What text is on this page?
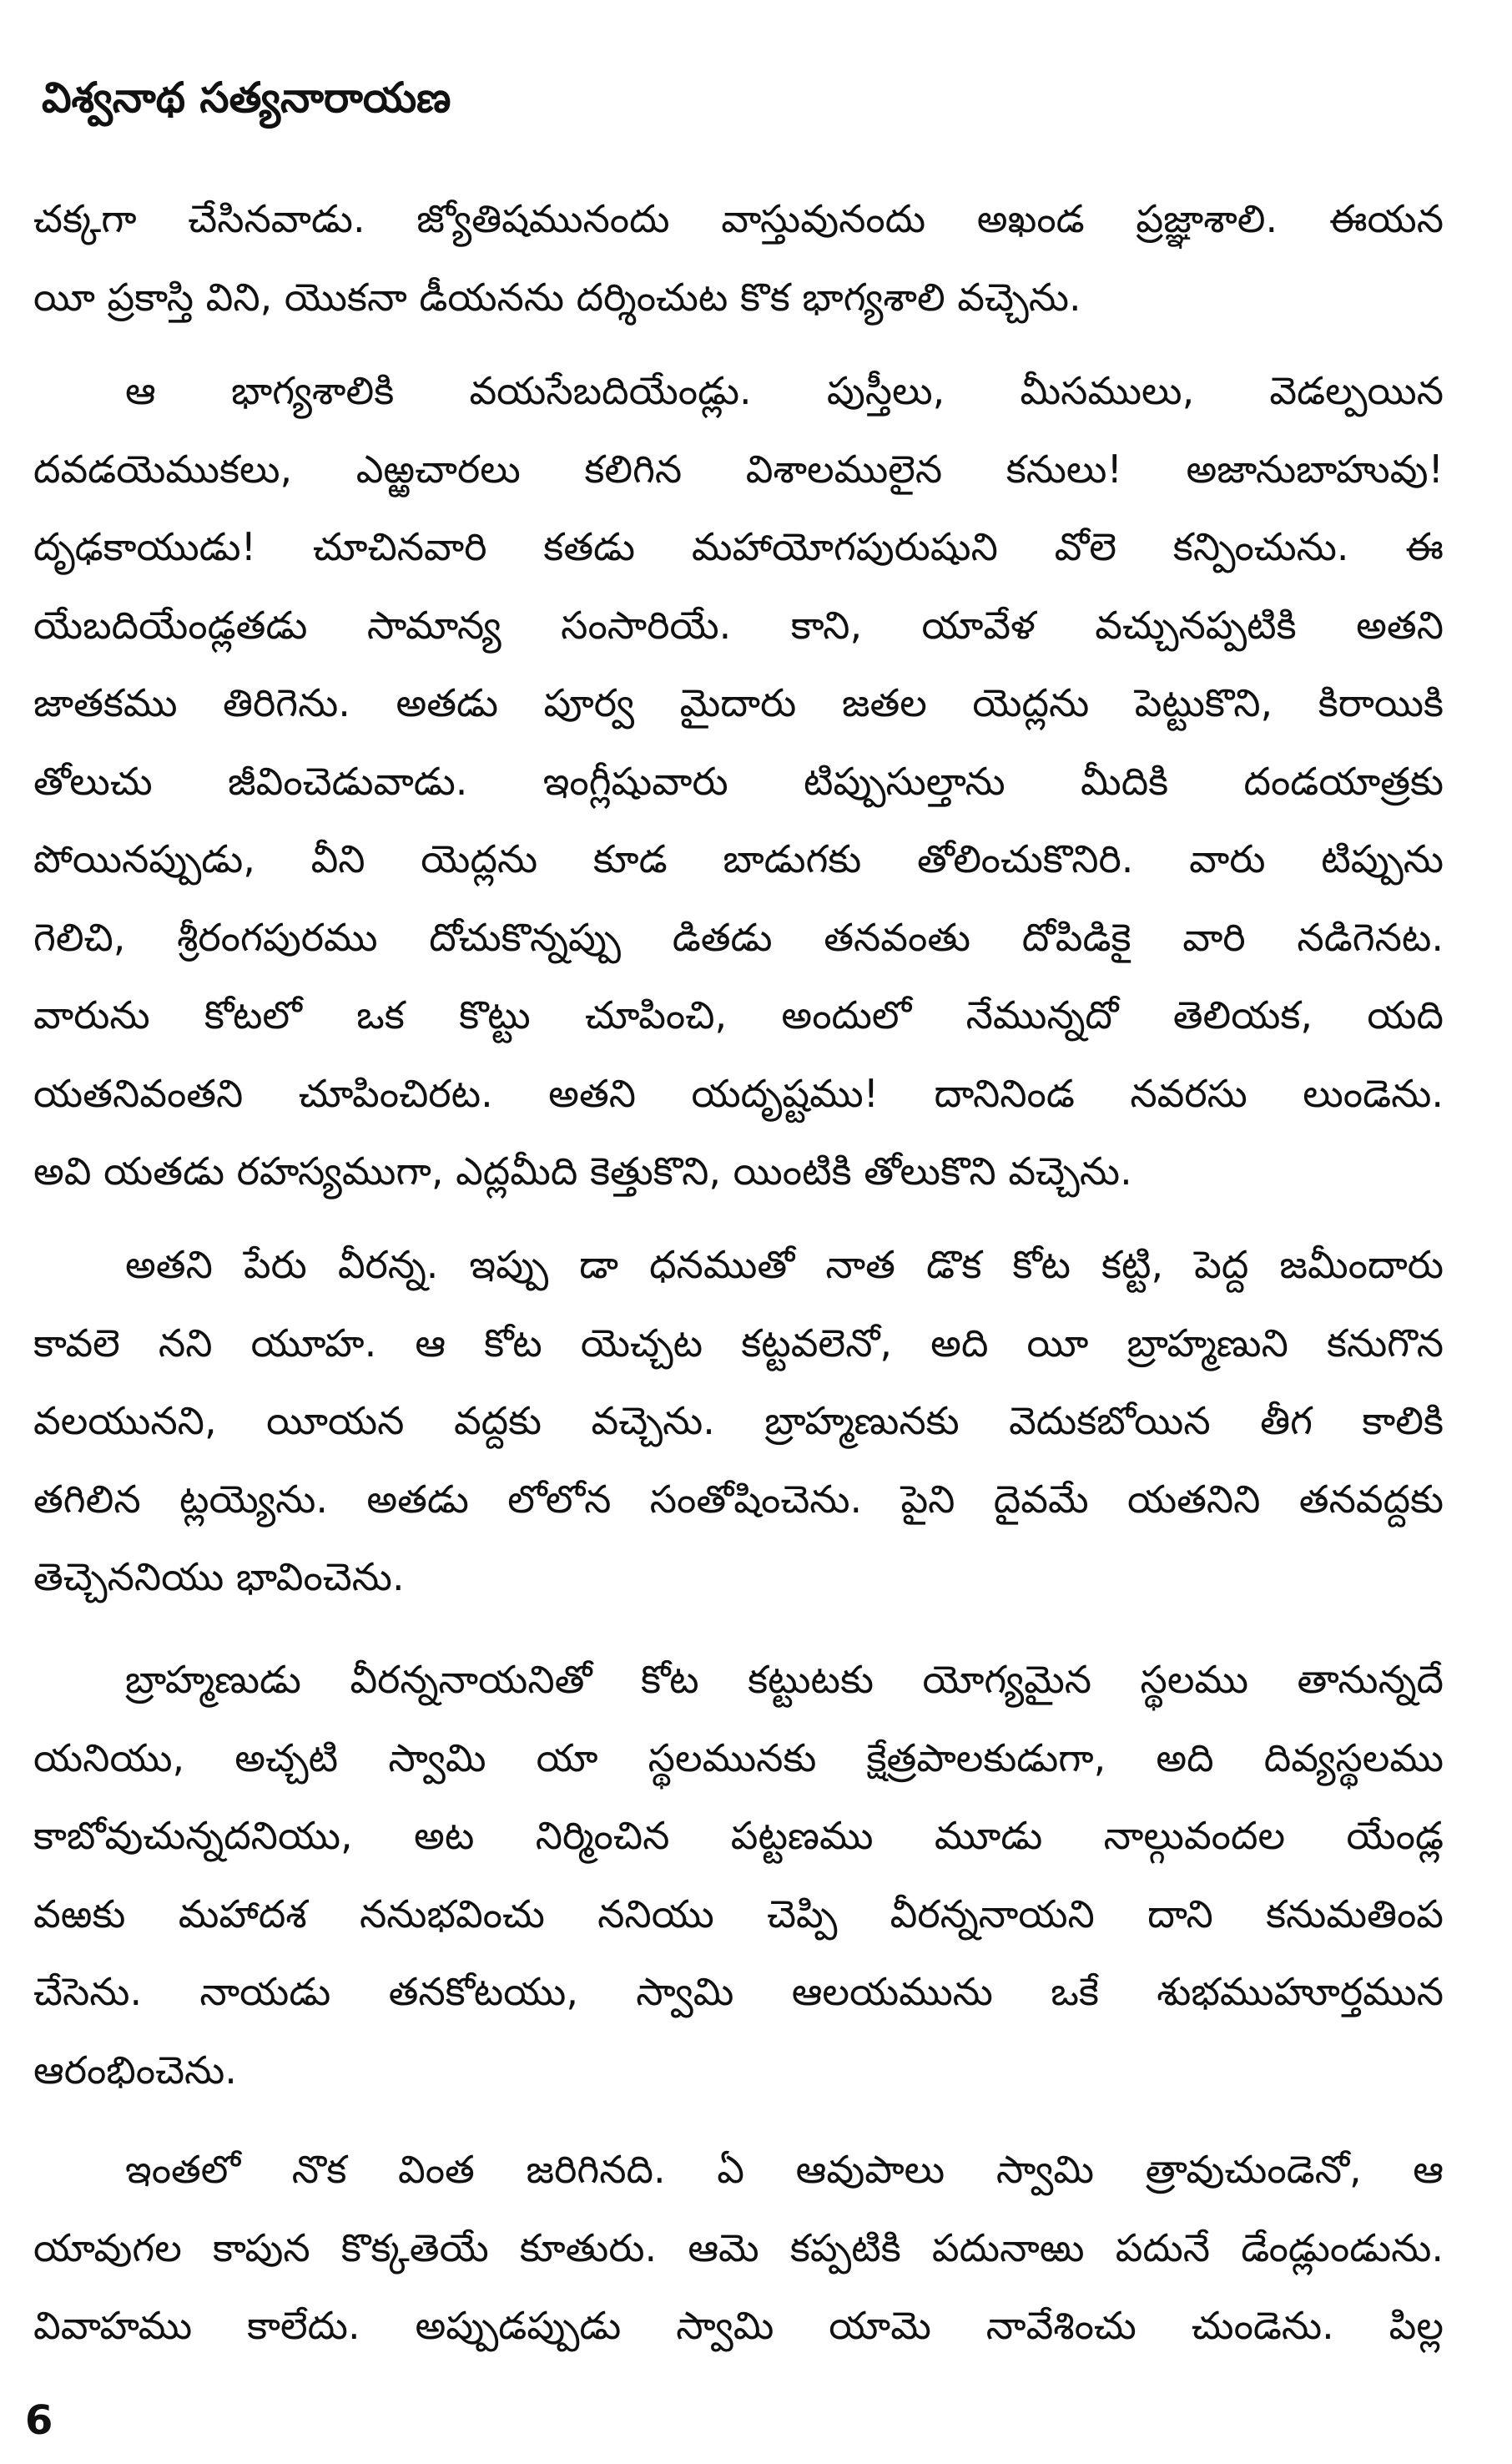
విశ్వనాథ సత్యనారాయణ
చక్కగా చేసినవాడు. జ్యోతిషమునందు వాస్తువునందు అఖండ ప్రజ్ఞాశాలి. ఈయన
యీ ప్రకాస్తి విని, యొకనా డీయనను దర్శించుట కొక భాగ్యశాలి వచ్చెను.
ఆ భాగ్యశాలికి వయసేబదియేండ్లు. పుస్తీలు, మీసములు, వెడల్పయిన
దవడయెముకలు, ఎఱ్ఱచారలు కలిగిన విశాలములైన కనులు! అజానుబాహువు!
దృఢకాయుడు! చూచినవారి కతడు మహాయోగపురుషుని వోలె కన్పించును. ఈ
యేబదియేండ్లతడు సామాన్య సంసారియే. కాని, యావేళ వచ్చునప్పటికి అతని
జాతకము తిరిగెను. అతడు పూర్వ మైదారు జతల యెద్లను పెట్టుకొని, కిరాయికి
తోలుచు జీవించెడువాడు. ఇంగ్లీషువారు టిప్పుసుల్తాను మీదికి దండయాత్రకు
పోయినప్పుడు, వీని యెద్లను కూడ బాడుగకు తోలించుకొనిరి. వారు టిప్పును
గెలిచి, శ్రీరంగపురము దోచుకొన్నప్పు డితడు తనవంతు దోపిడికై వారి నడిగెనట.
వారును కోటలో ఒక కొట్టు చూపించి, అందులో నేమున్నదో తెలియక, యది
యతనివంతని చూపించిరట. అతని యదృష్టము! దానినిండ నవరసు లుండెను.
అవి యతడు రహస్యముగా, ఎద్లమీది కెత్తుకొని, యింటికి తోలుకొని వచ్చెను.
అతని పేరు వీరన్న. ఇప్పు డా ధనముతో నాత డొక కోట కట్టి, పెద్ద జమీందారు
కావలె నని యూహ. ఆ కోట యెచ్చట కట్టవలెనో, అది యీ బ్రాహ్మణుని కనుగొన
వలయునని, యీయన వద్దకు వచ్చెను. బ్రాహ్మణునకు వెదుకబోయిన తీగ కాలికి
తగిలిన ట్లయ్యెను. అతడు లోలోన సంతోషించెను. పైని దైవమే యతనిని తనవద్దకు
తెచ్చెననియు భావించెను.
బ్రాహ్మణుడు వీరన్ననాయనితో కోట కట్టుటకు యోగ్యమైన స్థలము తానున్నదే
యనియు, అచ్చటి స్వామి యా స్థలమునకు క్షేత్రపాలకుడుగా, అది దివ్యస్థలము
కాబోవుచున్నదనియు, అట నిర్మించిన పట్టణము మూడు నాల్గువందల యేండ్ల
వఱకు మహాదశ ననుభవించు ననియు చెప్పి వీరన్ననాయని దాని కనుమతింప
చేసెను. నాయడు తనకోటయు, స్వామి ఆలయమును ఒకే శుభముహూర్తమున
ఆరంభించెను.
ఇంతలో నొక వింత జరిగినది. ఏ ఆవుపాలు స్వామి త్రావుచుండెనో, ఆ
యావుగల కాపున కొక్కతెయే కూతురు. ఆమె కప్పటికి పదునాఱు పదునే డేండ్లుండును.
వివాహము కాలేదు. అప్పుడప్పుడు స్వామి యామె నావేశించు చుండెను. పిల్ల
6
